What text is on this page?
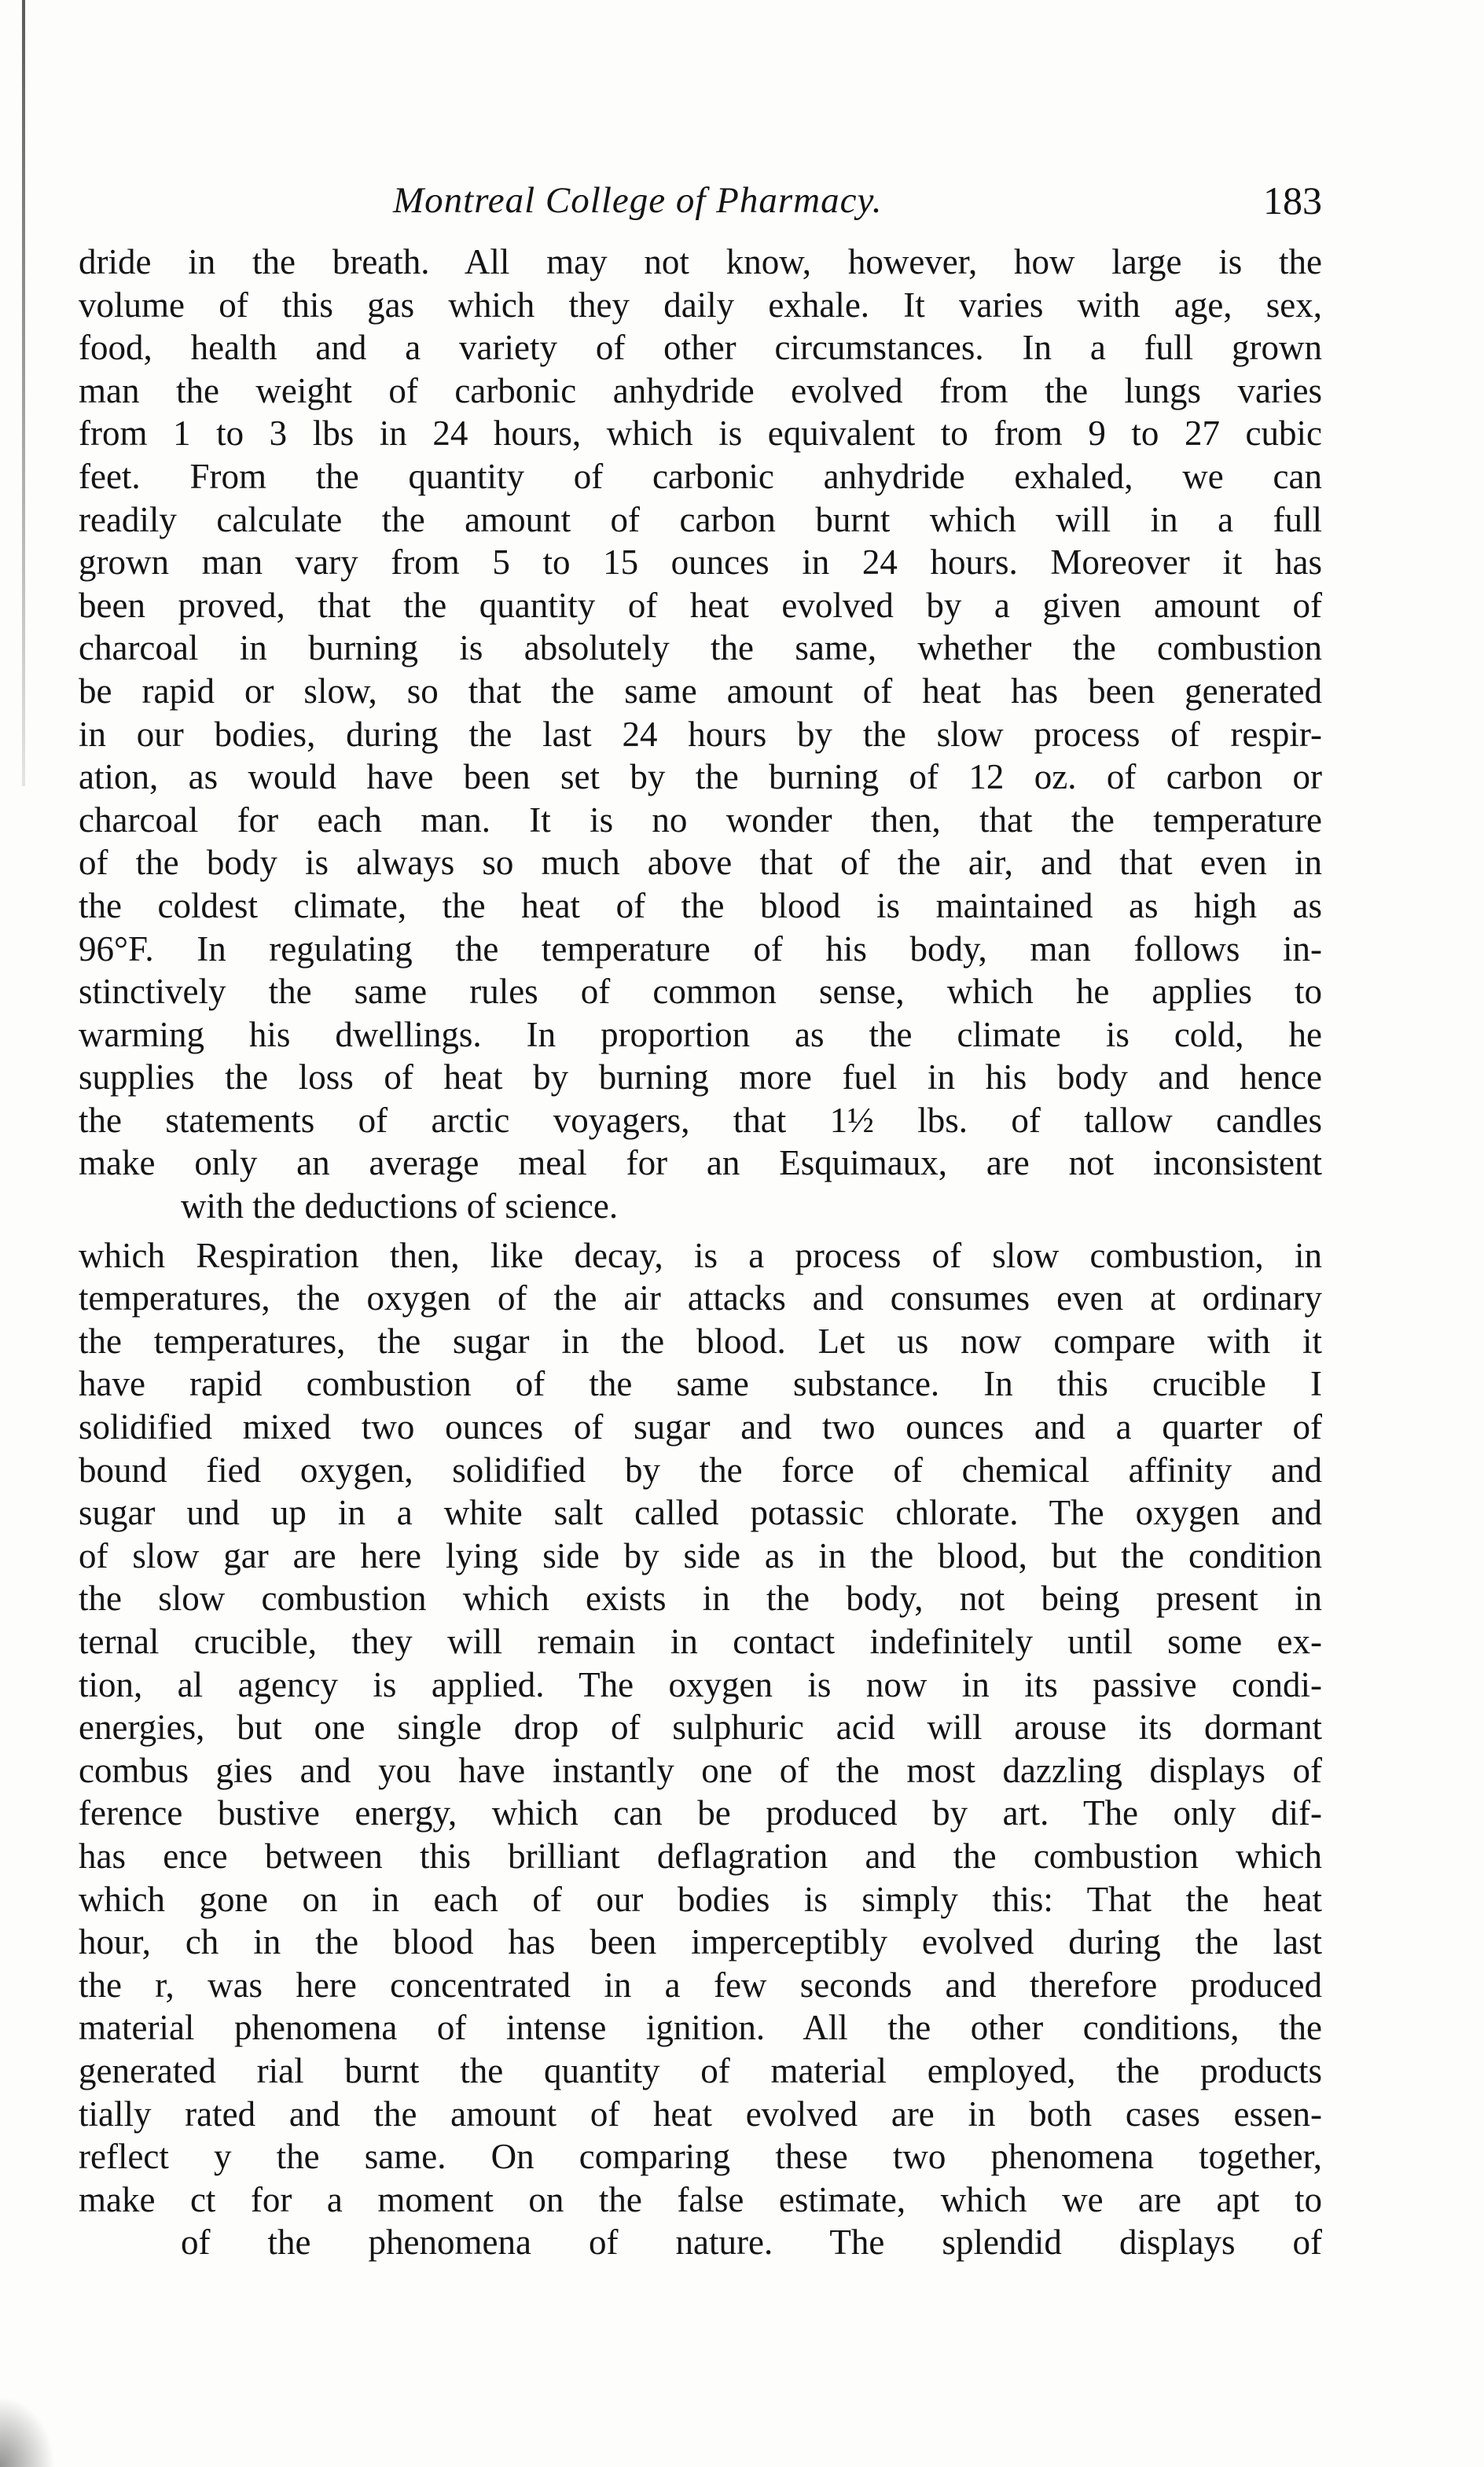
Montreal College of Pharmacy.	183
dride in the breath. All may not know, however, how large is the
volume of this gas which they daily exhale. It varies with age, sex,
food, health and a variety of other circumstances. In a full grown
man the weight of carbonic anhydride evolved from the lungs varies
from 1 to 3 lbs in 24 hours, which is equivalent to from 9 to 27 cubic
feet. From the quantity of carbonic anhydride exhaled, we can
readily calculate the amount of carbon burnt which will in a full
grown man vary from 5 to 15 ounces in 24 hours. Moreover it has
been proved, that the quantity of heat evolved by a given amount of
charcoal in burning is absolutely the same, whether the combustion
be rapid or slow, so that the same amount of heat has been generated
in our bodies, during the last 24 hours by the slow process of respir-
ation, as would have been set by the burning of 12 oz. of carbon or
charcoal for each man. It is no wonder then, that the temperature
of the body is always so much above that of the air, and that even in
the coldest climate, the heat of the blood is maintained as high as
96°F. In regulating the temperature of his body, man follows in-
stinctively the same rules of common sense, which he applies to
warming his dwellings. In proportion as the climate is cold, he
supplies the loss of heat by burning more fuel in his body and hence
the statements of arctic voyagers, that 1½ lbs. of tallow candles
make only an average meal for an Esquimaux, are not inconsistent
with the deductions of science.
which Respiration then, like decay, is a process of slow combustion, in
temperatures, the oxygen of the air attacks and consumes even at ordinary
the temperatures, the sugar in the blood. Let us now compare with it
have rapid combustion of the same substance. In this crucible I
solidified mixed two ounces of sugar and two ounces and a quarter of
bound fied oxygen, solidified by the force of chemical affinity and
sugar und up in a white salt called potassic chlorate. The oxygen and
of slow gar are here lying side by side as in the blood, but the condition
the slow combustion which exists in the body, not being present in
ternal crucible, they will remain in contact indefinitely until some ex-
tion, al agency is applied. The oxygen is now in its passive condi-
energies, but one single drop of sulphuric acid will arouse its dormant
combus gies and you have instantly one of the most dazzling displays of
ference bustive energy, which can be produced by art. The only dif-
has ence between this brilliant deflagration and the combustion which
which gone on in each of our bodies is simply this: That the heat
hour, ch in the blood has been imperceptibly evolved during the last
the r, was here concentrated in a few seconds and therefore produced
material phenomena of intense ignition. All the other conditions, the
generated rial burnt the quantity of material employed, the products
tially rated and the amount of heat evolved are in both cases essen-
reflect y the same. On comparing these two phenomena together,
make ct for a moment on the false estimate, which we are apt to
of the phenomena of nature. The splendid displays of
